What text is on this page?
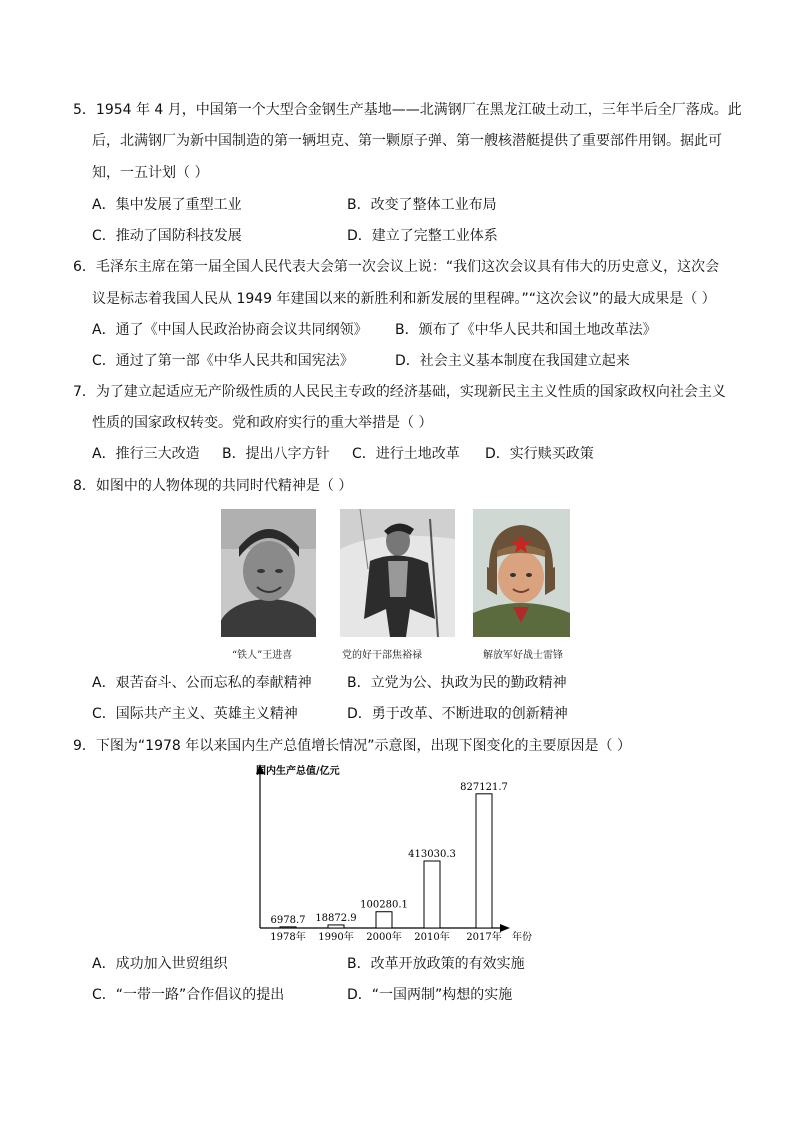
5．1954 年 4 月，中国第一个大型合金钢生产基地——北满钢厂在黑龙江破土动工，三年半后全厂落成。此
后，北满钢厂为新中国制造的第一辆坦克、第一颗原子弹、第一艘核潜艇提供了重要部件用钢。据此可
知，一五计划（ ）
A．集中发展了重型工业	B．改变了整体工业布局
C．推动了国防科技发展	D．建立了完整工业体系
6．毛泽东主席在第一届全国人民代表大会第一次会议上说：“我们这次会议具有伟大的历史意义，这次会
议是标志着我国人民从 1949 年建国以来的新胜利和新发展的里程碑。”“这次会议”的最大成果是（ ）
A．通了《中国人民政治协商会议共同纲领》 B．颁布了《中华人民共和国土地改革法》
C．通过了第一部《中华人民共和国宪法》	D．社会主义基本制度在我国建立起来
7．为了建立起适应无产阶级性质的人民民主专政的经济基础，实现新民主主义性质的国家政权向社会主义
性质的国家政权转变。党和政府实行的重大举措是（ ）
A．推行三大改造 B．提出八字方针 C．进行土地改革 D．实行赎买政策
8．如图中的人物体现的共同时代精神是（ ）
“铁人”王进喜	党的好干部焦裕禄	解放军好战士雷锋
A．艰苦奋斗、公而忘私的奉献精神	B．立党为公、执政为民的勤政精神
C．国际共产主义、英雄主义精神	D．勇于改革、不断进取的创新精神
9．下图为“1978 年以来国内生产总值增长情况”示意图，出现下图变化的主要原因是（ ）
国内生产总值/亿元
年份
6978.7
1978年
18872.9
1990年
100280.1
2000年
413030.3
2010年
827121.7
2017年
A．成功加入世贸组织	B．改革开放政策的有效实施
C．“一带一路”合作倡议的提出	D．“一国两制”构想的实施
